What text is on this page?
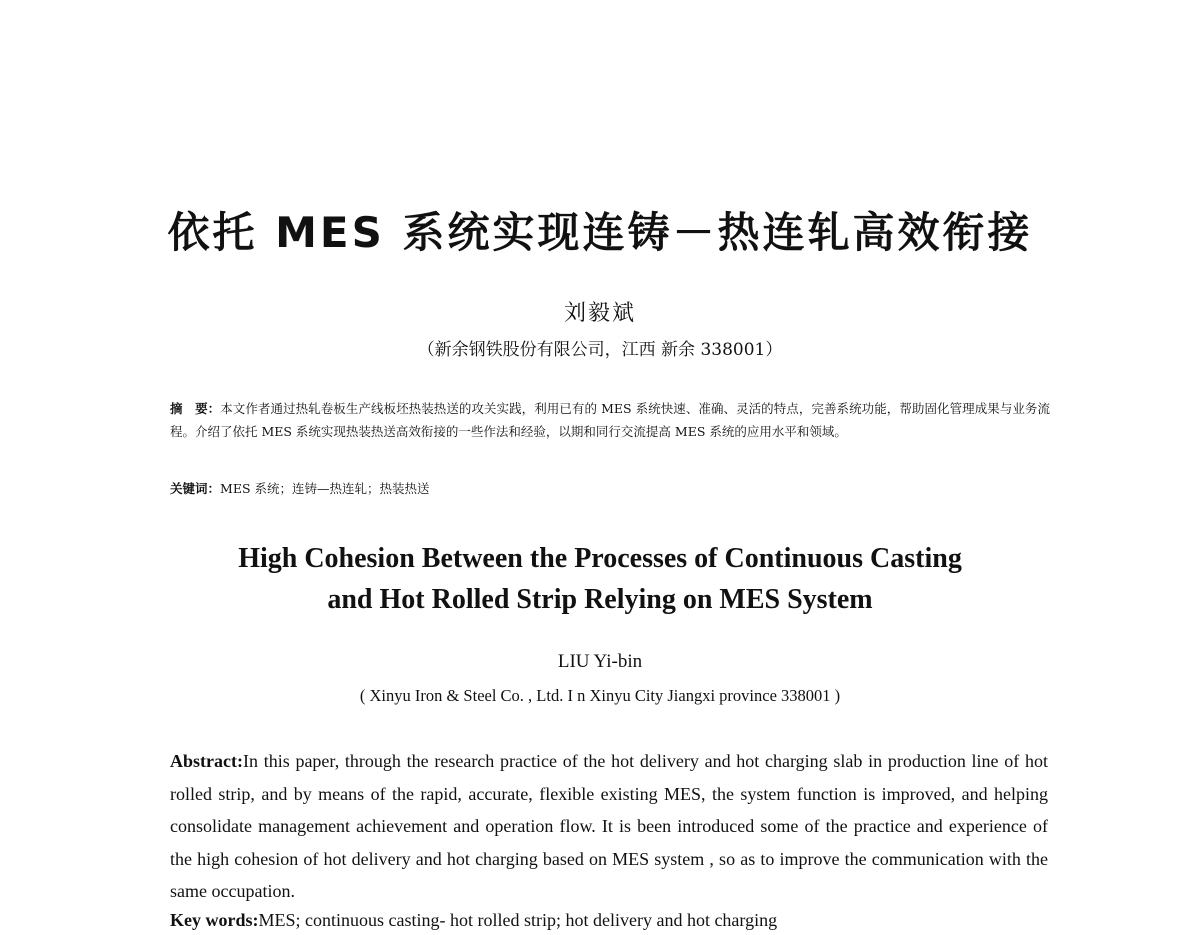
依托 MES 系统实现连铸－热连轧高效衔接
刘毅斌
（新余钢铁股份有限公司，江西 新余 338001）
摘　要：本文作者通过热轧卷板生产线板坯热装热送的攻关实践，利用已有的 MES 系统快速、准确、灵活的特点，完善系统功能，帮助固化管理成果与业务流程。介绍了依托 MES 系统实现热装热送高效衔接的一些作法和经验，以期和同行交流提高 MES 系统的应用水平和领域。
关键词：MES 系统；连铸—热连轧；热装热送
High Cohesion Between the Processes of Continuous Casting
and Hot Rolled Strip Relying on MES System
LIU Yi-bin
( Xinyu Iron & Steel Co. , Ltd. I n Xinyu City Jiangxi province 338001 )
Abstract:In this paper, through the research practice of the hot delivery and hot charging slab in production line of hot rolled strip, and by means of the rapid, accurate, flexible existing MES, the system function is improved, and helping consolidate management achievement and operation flow. It is been introduced some of the practice and experience of the high cohesion of hot delivery and hot charging based on MES system , so as to improve the communication with the same occupation.
Key words:MES; continuous casting- hot rolled strip; hot delivery and hot charging
